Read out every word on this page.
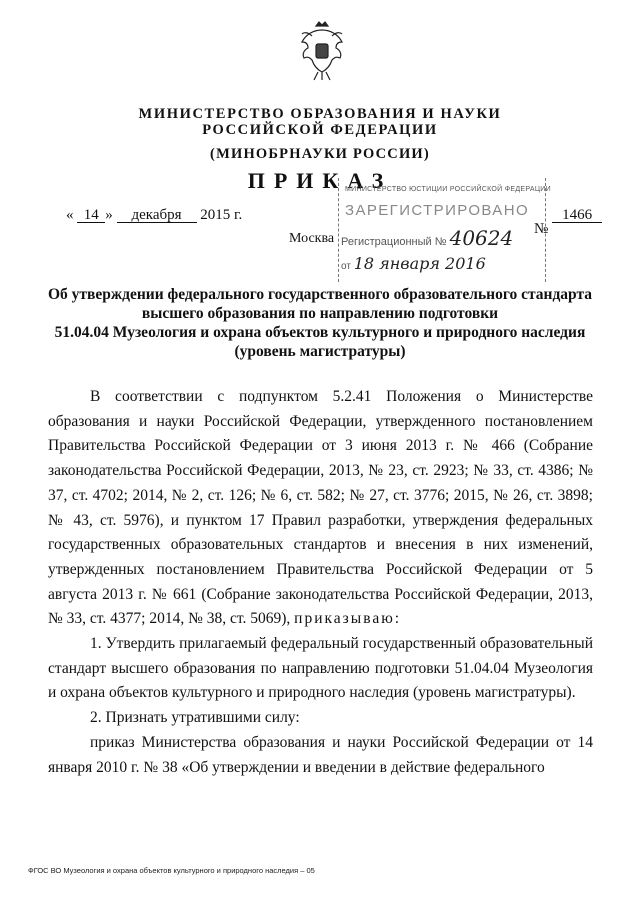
МИНИСТЕРСТВО ОБРАЗОВАНИЯ И НАУКИ
РОССИЙСКОЙ ФЕДЕРАЦИИ
(МИНОБРНАУКИ РОССИИ)
ПРИКАЗ
« 14 » декабря 2015 г.
МИНИСТЕРСТВО ЮСТИЦИИ РОССИЙСКОЙ ФЕДЕРАЦИИ
ЗАРЕГИСТРИРОВАНО
Регистрационный № 40624
от 18 января 2016
№ 1466
Москва
Об утверждении федерального государственного образовательного стандарта
высшего образования по направлению подготовки
51.04.04 Музеология и охрана объектов культурного и природного наследия
(уровень магистратуры)

В соответствии с подпунктом 5.2.41 Положения о Министерстве образования и науки Российской Федерации, утвержденного постановлением Правительства Российской Федерации от 3 июня 2013 г. № 466 (Собрание законодательства Российской Федерации, 2013, № 23, ст. 2923; № 33, ст. 4386; № 37, ст. 4702; 2014, № 2, ст. 126; № 6, ст. 582; № 27, ст. 3776; 2015, № 26, ст. 3898; № 43, ст. 5976), и пунктом 17 Правил разработки, утверждения федеральных государственных образовательных стандартов и внесения в них изменений, утвержденных постановлением Правительства Российской Федерации от 5 августа 2013 г. № 661 (Собрание законодательства Российской Федерации, 2013, № 33, ст. 4377; 2014, № 38, ст. 5069), приказываю:

1. Утвердить прилагаемый федеральный государственный образовательный стандарт высшего образования по направлению подготовки 51.04.04 Музеология и охрана объектов культурного и природного наследия (уровень магистратуры).

2. Признать утратившими силу:

приказ Министерства образования и науки Российской Федерации от 14 января 2010 г. № 38 «Об утверждении и введении в действие федерального

ФГОС ВО Музеология и охрана объектов культурного и природного наследия – 05
